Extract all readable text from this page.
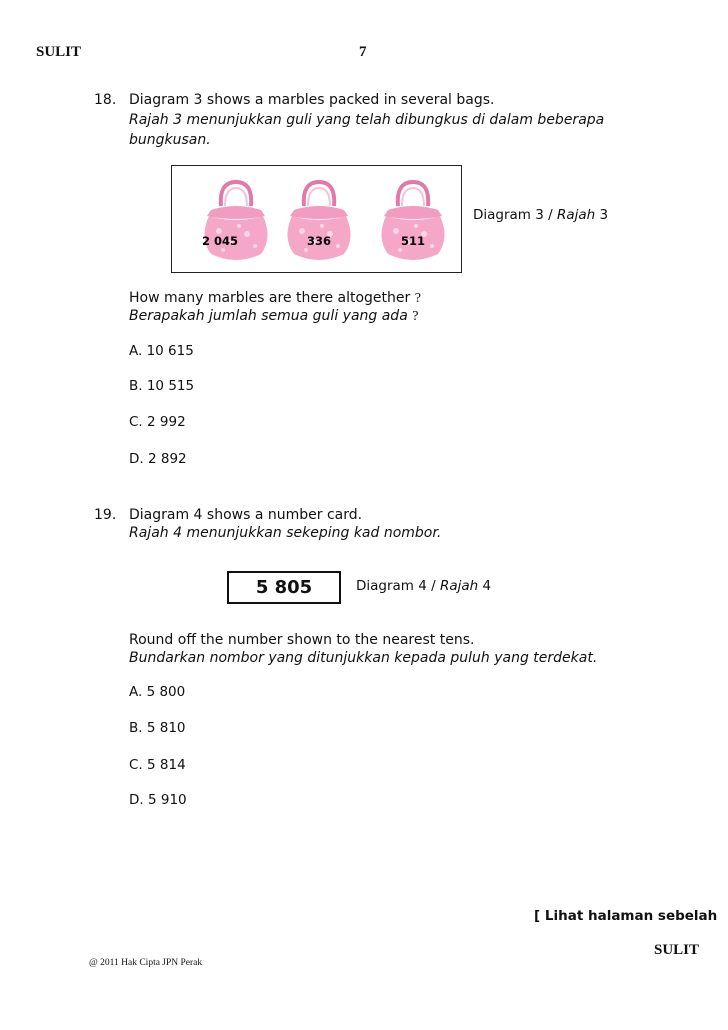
SULIT	7
18. Diagram 3 shows a marbles packed in several bags.
Rajah 3 menunjukkan guli yang telah dibungkus di dalam beberapa
bungkusan.
2 045	336	511
Diagram 3 / Rajah 3
How many marbles are there altogether ?
Berapakah jumlah semua guli yang ada ?
A. 10 615
B. 10 515
C. 2 992
D. 2 892
19. Diagram 4 shows a number card.
Rajah 4 menunjukkan sekeping kad nombor.
5 805	Diagram 4 / Rajah 4
Round off the number shown to the nearest tens.
Bundarkan nombor yang ditunjukkan kepada puluh yang terdekat.
A. 5 800
B. 5 810
C. 5 814
D. 5 910
[ Lihat halaman sebelah
SULIT
@ 2011 Hak Cipta JPN Perak
